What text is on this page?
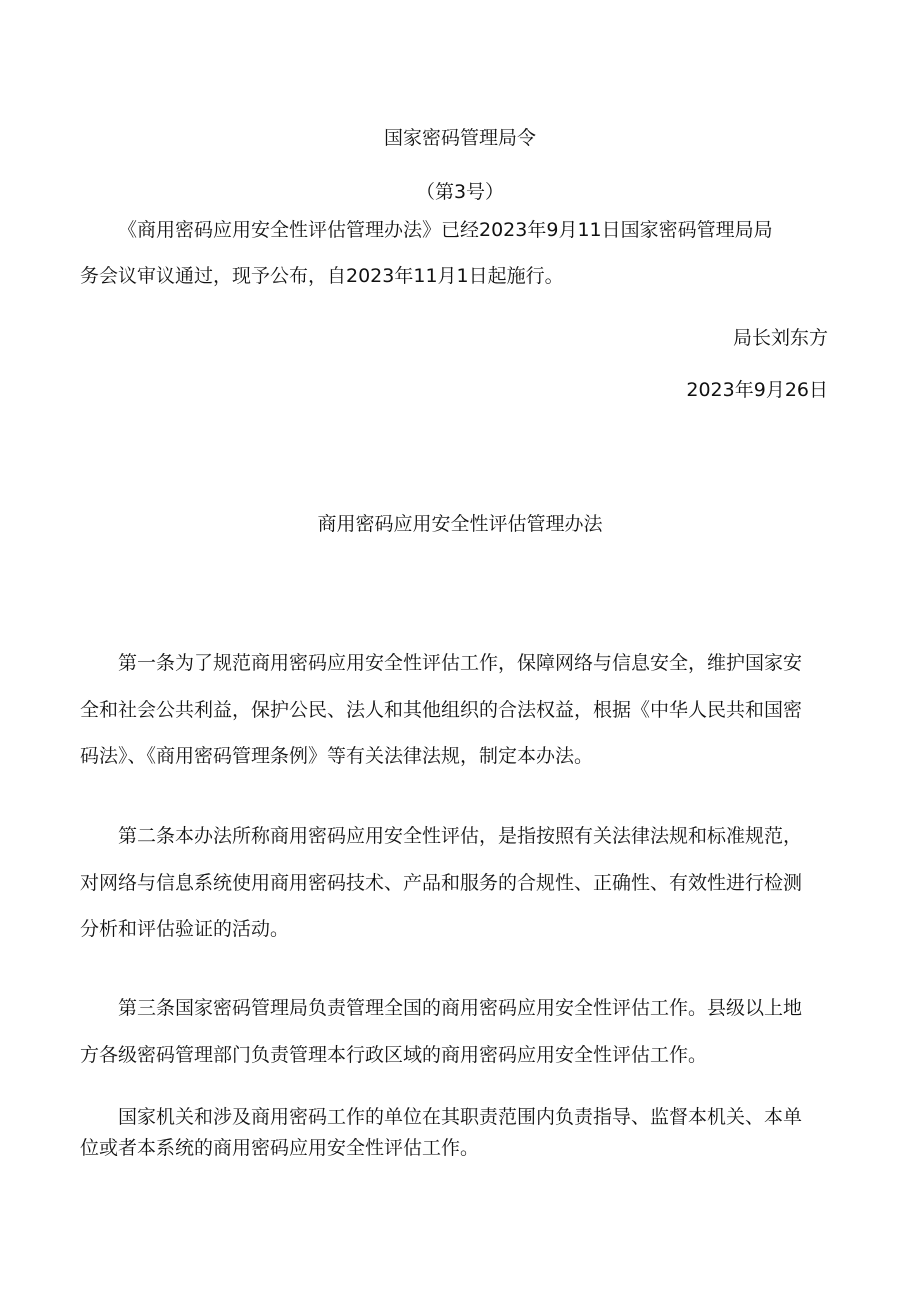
国家密码管理局令
（第3号）
《商用密码应用安全性评估管理办法》已经2023年9月11日国家密码管理局局
务会议审议通过，现予公布，自2023年11月1日起施行。
局长刘东方
2023年9月26日
商用密码应用安全性评估管理办法
第一条为了规范商用密码应用安全性评估工作，保障网络与信息安全，维护国家安
全和社会公共利益，保护公民、法人和其他组织的合法权益，根据《中华人民共和国密
码法》、《商用密码管理条例》等有关法律法规，制定本办法。
第二条本办法所称商用密码应用安全性评估，是指按照有关法律法规和标准规范，
对网络与信息系统使用商用密码技术、产品和服务的合规性、正确性、有效性进行检测
分析和评估验证的活动。
第三条国家密码管理局负责管理全国的商用密码应用安全性评估工作。县级以上地
方各级密码管理部门负责管理本行政区域的商用密码应用安全性评估工作。
国家机关和涉及商用密码工作的单位在其职责范围内负责指导、监督本机关、本单
位或者本系统的商用密码应用安全性评估工作。
